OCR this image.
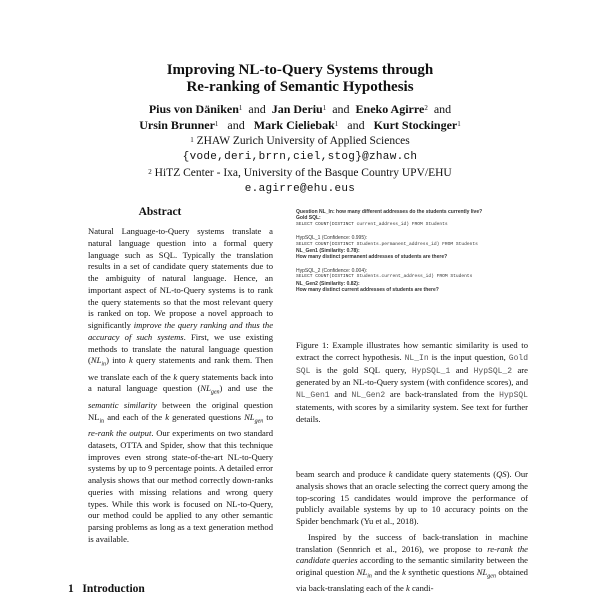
Improving NL-to-Query Systems through
Re-ranking of Semantic Hypothesis
Pius von Däniken$^1$ and Jan Deriu$^1$ and Eneko Agirre$^2$ and
Ursin Brunner$^1$ and Mark Cieliebak$^1$ and Kurt Stockinger$^1$
$^1$ ZHAW Zurich University of Applied Sciences
{vode,deri,brrn,ciel,stog}@zhaw.ch
$^2$ HiTZ Center - Ixa, University of the Basque Country UPV/EHU
e.agirre@ehu.eus
Abstract
Natural Language-to-Query systems translate a natural language question into a formal query language such as SQL. Typically the translation results in a set of candidate query statements due to the ambiguity of natural language. Hence, an important aspect of NL-to-Query systems is to rank the query statements so that the most relevant query is ranked on top. We propose a novel approach to significantly improve the query ranking and thus the accuracy of such systems. First, we use existing methods to translate the natural language question $(NL_{in})$ into k query statements and rank them. Then we translate each of the k query statements back into a natural language question $(NL_{gen})$ and use the semantic similarity between the original question $NL_{in}$ and each of the k generated questions $NL_{gen}$ to re-rank the output. Our experiments on two standard datasets, OTTA and Spider, show that this technique improves even strong state-of-the-art NL-to-Query systems by up to 9 percentage points. A detailed error analysis shows that our method correctly down-ranks queries with missing relations and wrong query types. While this work is focused on NL-to-Query, our method could be applied to any other semantic parsing problems as long as a text generation method is available.
1 Introduction
Question NL_In: how many different addresses do the students currently live?
Gold SQL:
SELECT COUNT(DISTINCT current_address_id) FROM Students
HypSQL_1 (Confidence: 0.995):
SELECT COUNT(DISTINCT Students.permanent_address_id) FROM Students
NL_Gen1 (Similarity: 0.78):
How many distinct permanent addresses of students are there?
HypSQL_2 (Confidence: 0.004):
SELECT COUNT(DISTINCT Students.current_address_id) FROM Students
NL_Gen2 (Similarity: 0.82):
How many distinct current addresses of students are there?
Figure 1: Example illustrates how semantic similarity is used to extract the correct hypothesis. NL_In is the input question, Gold SQL is the gold SQL query, HypSQL_1 and HypSQL_2 are generated by an NL-to-Query system (with confidence scores), and NL_Gen1 and NL_Gen2 are back-translated from the HypSQL statements, with scores by a similarity system. See text for further details.

beam search and produce k candidate query statements (QS). Our analysis shows that an oracle selecting the correct query among the top-scoring 15 candidates would improve the performance of publicly available systems by up to 10 accuracy points on the Spider benchmark (Yu et al., 2018).

Inspired by the success of back-translation in machine translation (Sennrich et al., 2016), we propose to re-rank the candidate queries according to the semantic similarity between the original question $NL_{in}$ and the k synthetic questions $NL_{gen}$ obtained via back-translating each of the k candi-
